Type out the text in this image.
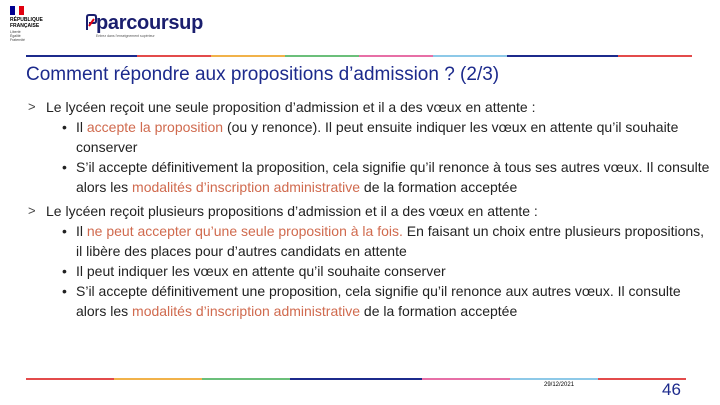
RÉPUBLIQUE
FRANÇAISE
Liberté
Égalité
Fraternité
parcoursup
Entrez dans l'enseignement supérieur
Comment répondre aux propositions d’admission ? (2/3)
> Le lycéen reçoit une seule proposition d’admission et il a des vœux en attente :
• Il accepte la proposition (ou y renonce). Il peut ensuite indiquer les vœux en attente qu’il souhaite conserver
• S’il accepte définitivement la proposition, cela signifie qu’il renonce à tous ses autres vœux. Il consulte alors les modalités d’inscription administrative de la formation acceptée
> Le lycéen reçoit plusieurs propositions d’admission et il a des vœux en attente :
• Il ne peut accepter qu’une seule proposition à la fois. En faisant un choix entre plusieurs propositions, il libère des places pour d’autres candidats en attente
• Il peut indiquer les vœux en attente qu’il souhaite conserver
• S’il accepte définitivement une proposition, cela signifie qu’il renonce aux autres vœux. Il consulte alors les modalités d’inscription administrative de la formation acceptée
29/12/2021	46
